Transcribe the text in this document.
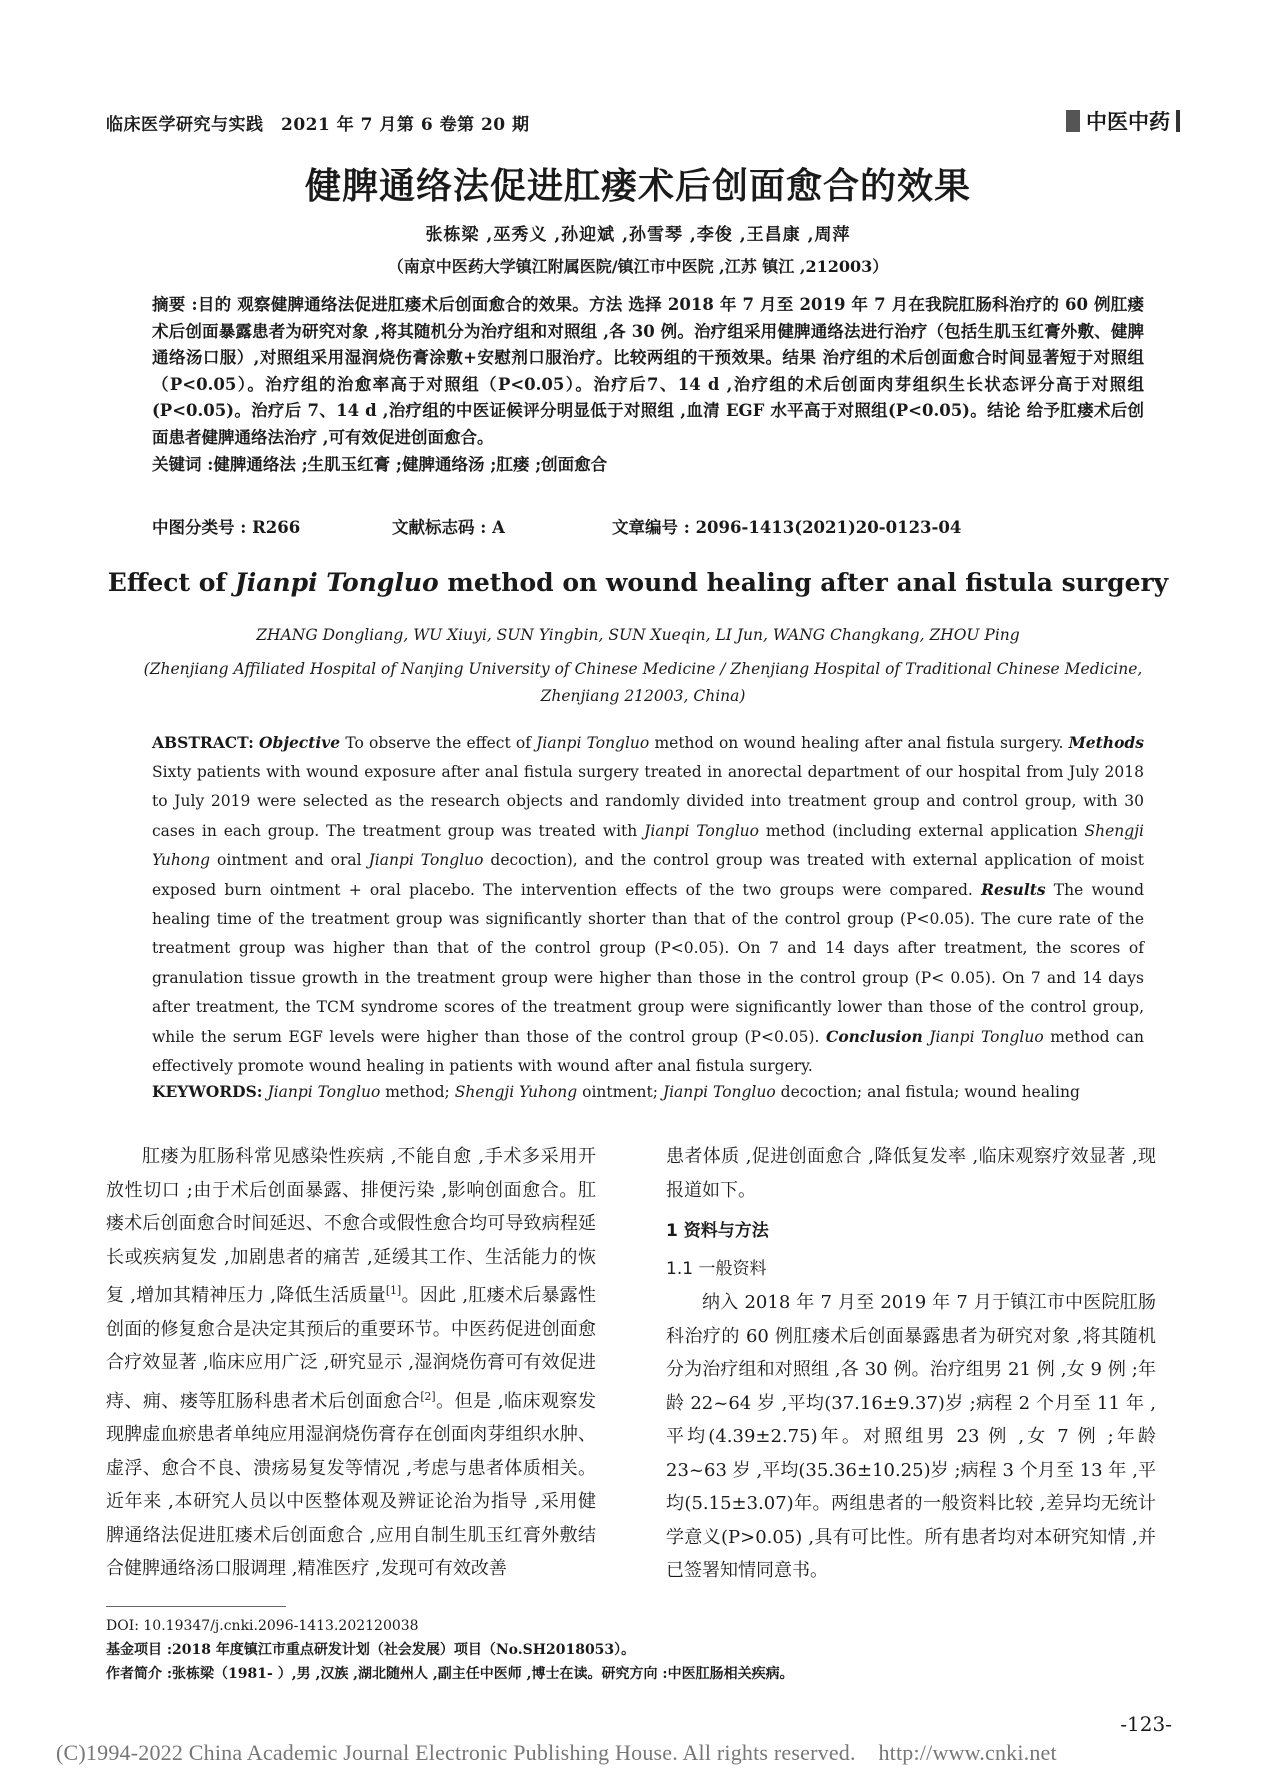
临床医学研究与实践　2021 年 7 月第 6 卷第 20 期	中医中药
健脾通络法促进肛瘘术后创面愈合的效果
张栋梁 ,巫秀义 ,孙迎斌 ,孙雪琴 ,李俊 ,王昌康 ,周萍
（南京中医药大学镇江附属医院/镇江市中医院 ,江苏 镇江 ,212003）
摘要 :目的 观察健脾通络法促进肛瘘术后创面愈合的效果。方法 选择 2018 年 7 月至 2019 年 7 月在我院肛肠科治疗的 60 例肛瘘术后创面暴露患者为研究对象 ,将其随机分为治疗组和对照组 ,各 30 例。治疗组采用健脾通络法进行治疗（包括生肌玉红膏外敷、健脾通络汤口服）,对照组采用湿润烧伤膏涂敷+安慰剂口服治疗。比较两组的干预效果。结果 治疗组的术后创面愈合时间显著短于对照组（P<0.05）。治疗组的治愈率高于对照组（P<0.05）。治疗后7、14 d ,治疗组的术后创面肉芽组织生长状态评分高于对照组(P<0.05)。治疗后 7、14 d ,治疗组的中医证候评分明显低于对照组 ,血清 EGF 水平高于对照组(P<0.05)。结论 给予肛瘘术后创面患者健脾通络法治疗 ,可有效促进创面愈合。
关键词 :健脾通络法 ;生肌玉红膏 ;健脾通络汤 ;肛瘘 ;创面愈合
中图分类号 : R266	文献标志码 : A	文章编号 : 2096-1413(2021)20-0123-04
Effect of Jianpi Tongluo method on wound healing after anal fistula surgery
ZHANG Dongliang, WU Xiuyi, SUN Yingbin, SUN Xueqin, LI Jun, WANG Changkang, ZHOU Ping
(Zhenjiang Affiliated Hospital of Nanjing University of Chinese Medicine / Zhenjiang Hospital of Traditional Chinese Medicine, Zhenjiang 212003, China)
ABSTRACT: Objective To observe the effect of Jianpi Tongluo method on wound healing after anal fistula surgery. Methods Sixty patients with wound exposure after anal fistula surgery treated in anorectal department of our hospital from July 2018 to July 2019 were selected as the research objects and randomly divided into treatment group and control group, with 30 cases in each group. The treatment group was treated with Jianpi Tongluo method (including external application Shengji Yuhong ointment and oral Jianpi Tongluo decoction), and the control group was treated with external application of moist exposed burn ointment + oral placebo. The intervention effects of the two groups were compared. Results The wound healing time of the treatment group was significantly shorter than that of the control group (P<0.05). The cure rate of the treatment group was higher than that of the control group (P<0.05). On 7 and 14 days after treatment, the scores of granulation tissue growth in the treatment group were higher than those in the control group (P< 0.05). On 7 and 14 days after treatment, the TCM syndrome scores of the treatment group were significantly lower than those of the control group, while the serum EGF levels were higher than those of the control group (P<0.05). Conclusion Jianpi Tongluo method can effectively promote wound healing in patients with wound after anal fistula surgery.
KEYWORDS: Jianpi Tongluo method; Shengji Yuhong ointment; Jianpi Tongluo decoction; anal fistula; wound healing

肛瘘为肛肠科常见感染性疾病 ,不能自愈 ,手术多采用开放性切口 ;由于术后创面暴露、排便污染 ,影响创面愈合。肛瘘术后创面愈合时间延迟、不愈合或假性愈合均可导致病程延长或疾病复发 ,加剧患者的痛苦 ,延缓其工作、生活能力的恢复 ,增加其精神压力 ,降低生活质量[1]。因此 ,肛瘘术后暴露性创面的修复愈合是决定其预后的重要环节。中医药促进创面愈合疗效显著 ,临床应用广泛 ,研究显示 ,湿润烧伤膏可有效促进痔、痈、瘘等肛肠科患者术后创面愈合[2]。但是 ,临床观察发现脾虚血瘀患者单纯应用湿润烧伤膏存在创面肉芽组织水肿、虚浮、愈合不良、溃疡易复发等情况 ,考虑与患者体质相关。近年来 ,本研究人员以中医整体观及辨证论治为指导 ,采用健脾通络法促进肛瘘术后创面愈合 ,应用自制生肌玉红膏外敷结合健脾通络汤口服调理 ,精准医疗 ,发现可有效改善

患者体质 ,促进创面愈合 ,降低复发率 ,临床观察疗效显著 ,现报道如下。

1 资料与方法
1.1 一般资料

纳入 2018 年 7 月至 2019 年 7 月于镇江市中医院肛肠科治疗的 60 例肛瘘术后创面暴露患者为研究对象 ,将其随机分为治疗组和对照组 ,各 30 例。治疗组男 21 例 ,女 9 例 ;年龄 22~64 岁 ,平均(37.16±9.37)岁 ;病程 2 个月至 11 年 ,平均(4.39±2.75)年。对照组男 23 例 ,女 7 例 ;年龄 23~63 岁 ,平均(35.36±10.25)岁 ;病程 3 个月至 13 年 ,平均(5.15±3.07)年。两组患者的一般资料比较 ,差异均无统计学意义(P>0.05) ,具有可比性。所有患者均对本研究知情 ,并已签署知情同意书。

DOI: 10.19347/j.cnki.2096-1413.202120038
基金项目 :2018 年度镇江市重点研发计划（社会发展）项目（No.SH2018053）。
作者简介 :张栋梁（1981- ）,男 ,汉族 ,湖北随州人 ,副主任中医师 ,博士在读。研究方向 :中医肛肠相关疾病。
-123-
(C)1994-2022 China Academic Journal Electronic Publishing House. All rights reserved.    http://www.cnki.net
